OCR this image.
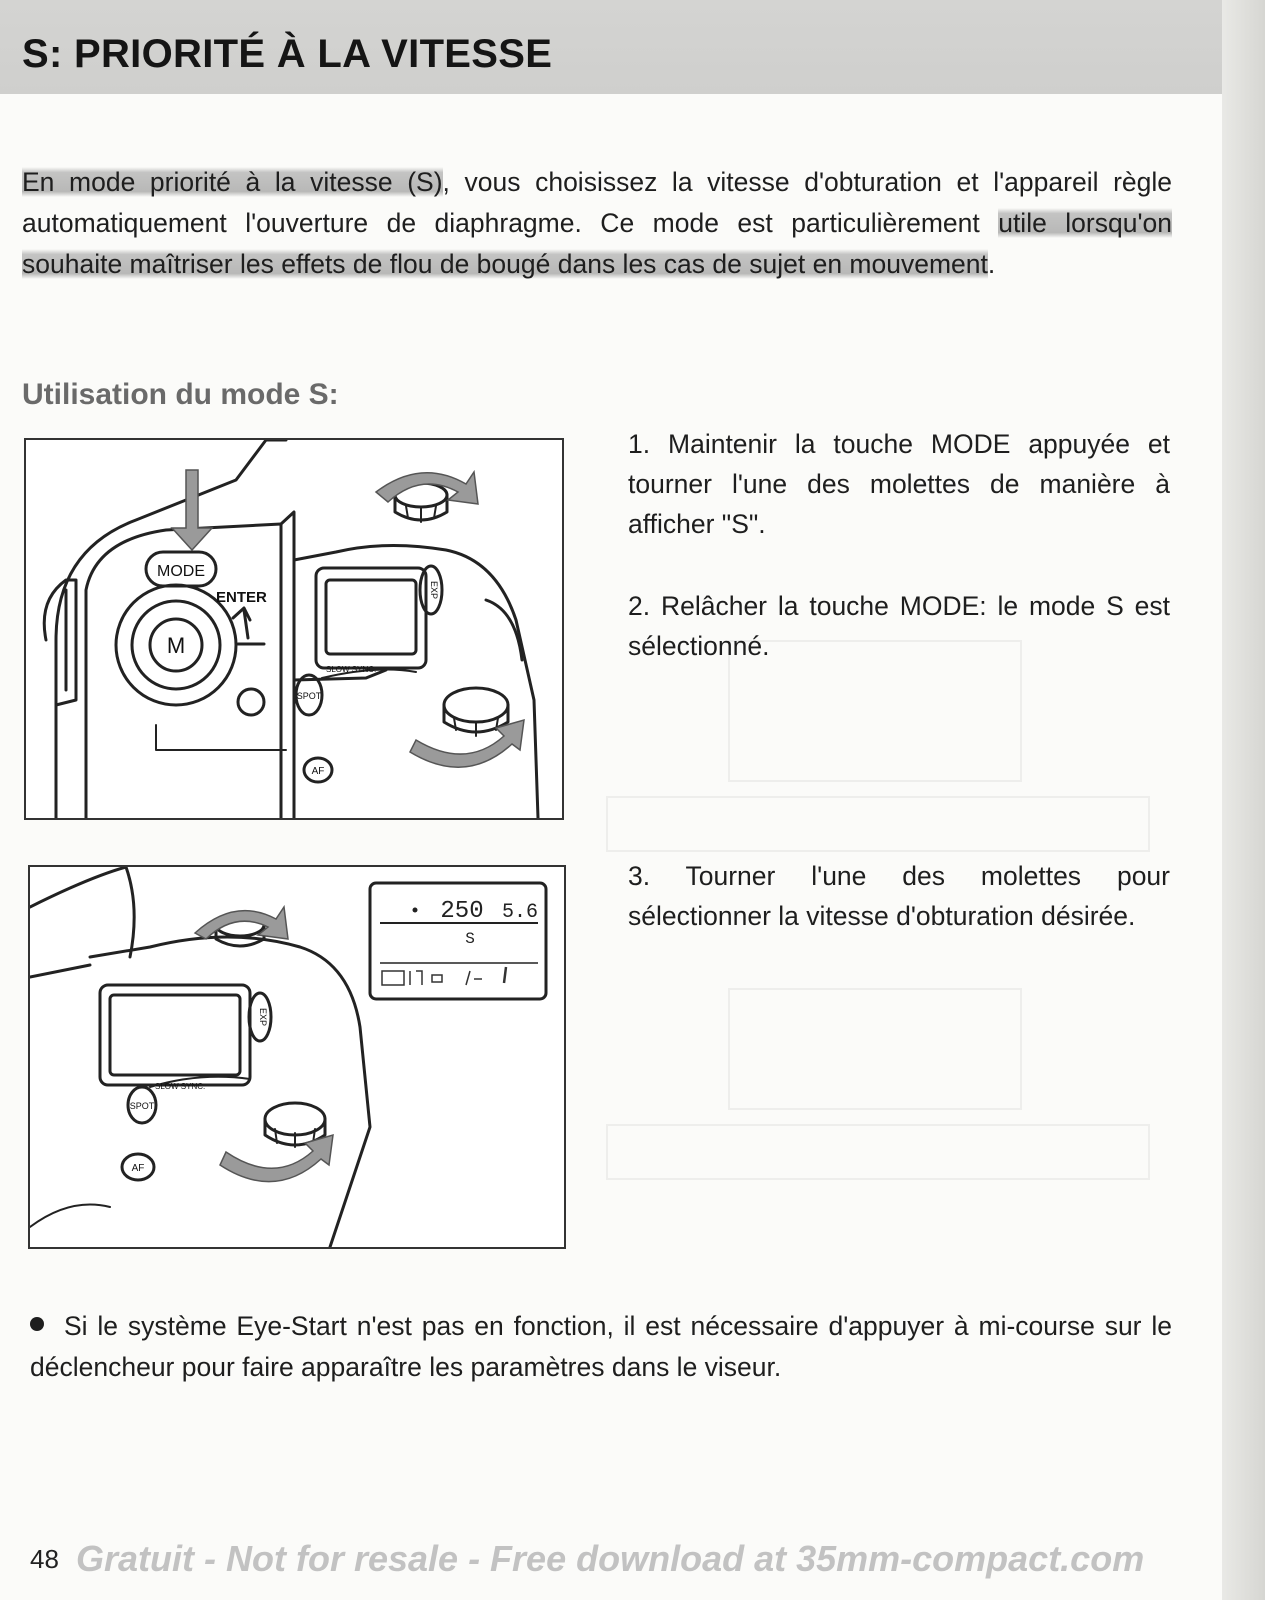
S: PRIORITÉ À LA VITESSE

En mode priorité à la vitesse (S), vous choisissez la vitesse d'obturation et l'appareil règle automatiquement l'ouverture de diaphragme. Ce mode est particulièrement utile lorsqu'on souhaite maîtriser les effets de flou de bougé dans les cas de sujet en mouvement.

Utilisation du mode S:
MODE
ENTER
M
EXP
SLOW SYNC.
SPOT
AF
250 5.6
S
EXP
SLOW SYNC.
SPOT
AF

1. Maintenir la touche MODE appuyée et tourner l'une des molettes de manière à afficher "S".

2. Relâcher la touche MODE: le mode S est sélectionné.

3. Tourner l'une des molettes pour sélectionner la vitesse d'obturation désirée.

Si le système Eye-Start n'est pas en fonction, il est nécessaire d'appuyer à mi-course sur le déclencheur pour faire apparaître les paramètres dans le viseur.

48 Gratuit - Not for resale - Free download at 35mm-compact.com
